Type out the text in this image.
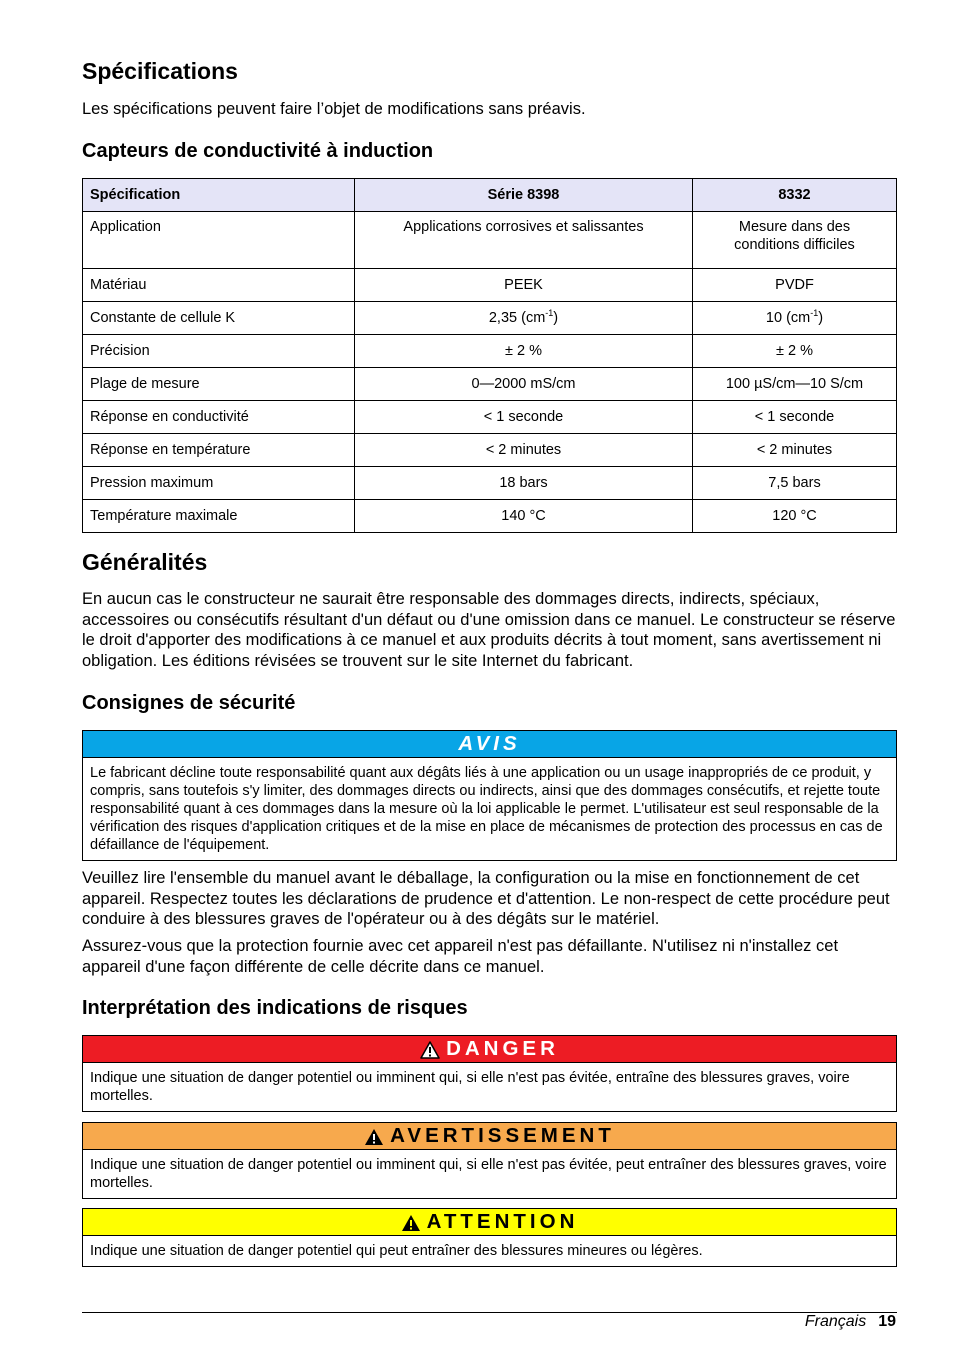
Spécifications

Les spécifications peuvent faire l’objet de modifications sans préavis.

Capteurs de conductivité à induction
Spécification	Série 8398	8332
Application	Applications corrosives et salissantes	Mesure dans des conditions difficiles
Matériau	PEEK	PVDF
Constante de cellule K	2,35 $(cm^{-1})$	10 $(cm^{-1})$
Précision	± 2 %	± 2 %
Plage de mesure	0—2000 mS/cm	100 µS/cm—10 S/cm
Réponse en conductivité	< 1 seconde	< 1 seconde
Réponse en température	< 2 minutes	< 2 minutes
Pression maximum	18 bars	7,5 bars
Température maximale	140 °C	120 °C
Généralités

En aucun cas le constructeur ne saurait être responsable des dommages directs, indirects, spéciaux, accessoires ou consécutifs résultant d'un défaut ou d'une omission dans ce manuel. Le constructeur se réserve le droit d'apporter des modifications à ce manuel et aux produits décrits à tout moment, sans avertissement ni obligation. Les éditions révisées se trouvent sur le site Internet du fabricant.

Consignes de sécurité
AVIS
Le fabricant décline toute responsabilité quant aux dégâts liés à une application ou un usage inappropriés de ce produit, y compris, sans toutefois s'y limiter, des dommages directs ou indirects, ainsi que des dommages consécutifs, et rejette toute responsabilité quant à ces dommages dans la mesure où la loi applicable le permet. L'utilisateur est seul responsable de la vérification des risques d'application critiques et de la mise en place de mécanismes de protection des processus en cas de défaillance de l'équipement.

Veuillez lire l'ensemble du manuel avant le déballage, la configuration ou la mise en fonctionnement de cet appareil. Respectez toutes les déclarations de prudence et d'attention. Le non-respect de cette procédure peut conduire à des blessures graves de l'opérateur ou à des dégâts sur le matériel.

Assurez-vous que la protection fournie avec cet appareil n'est pas défaillante. N'utilisez ni n'installez cet appareil d'une façon différente de celle décrite dans ce manuel.

Interprétation des indications de risques
DANGER
Indique une situation de danger potentiel ou imminent qui, si elle n'est pas évitée, entraîne des blessures graves, voire mortelles.
AVERTISSEMENT
Indique une situation de danger potentiel ou imminent qui, si elle n'est pas évitée, peut entraîner des blessures graves, voire mortelles.
ATTENTION
Indique une situation de danger potentiel qui peut entraîner des blessures mineures ou légères.
Français 19
